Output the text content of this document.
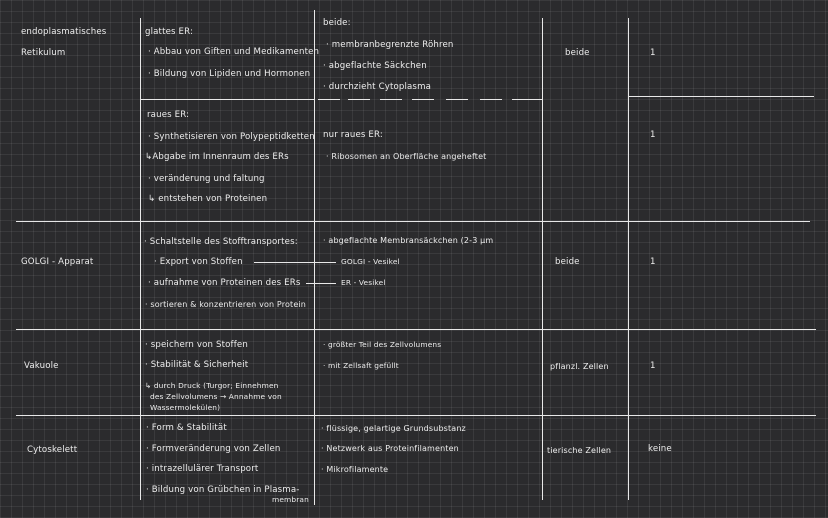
endoplasmatisches
Retikulum
GOLGI - Apparat
Vakuole
Cytoskelett
glattes ER:
· Abbau von Giften und Medikamenten
· Bildung von Lipiden und Hormonen
raues ER:
· Synthetisieren von Polypeptidketten
↳Abgabe im Innenraum des ERs
· veränderung und faltung
↳ entstehen von Proteinen
· Schaltstelle des Stofftransportes:
· Export von Stoffen
· aufnahme von Proteinen des ERs
· sortieren & konzentrieren von Protein
· speichern von Stoffen
· Stabilität & Sicherheit
↳ durch Druck (Turgor; Einnehmen
des Zellvolumens → Annahme von
Wassermolekülen)
· Form & Stabilität
· Formveränderung von Zellen
· intrazellulärer Transport
· Bildung von Grübchen in Plasma-
membran
beide:
· membranbegrenzte Röhren
· abgeflachte Säckchen
· durchzieht Cytoplasma
nur raues ER:
· Ribosomen an Oberfläche angeheftet
· abgeflachte Membransäckchen (2-3 μm
GOLGI - Vesikel
ER - Vesikel
· größter Teil des Zellvolumens
· mit Zellsaft gefüllt
· flüssige, gelartige Grundsubstanz
· Netzwerk aus Proteinfilamenten
· Mikrofilamente
beide
beide
pflanzl. Zellen
tierische Zellen
1
1
1
1
keine
